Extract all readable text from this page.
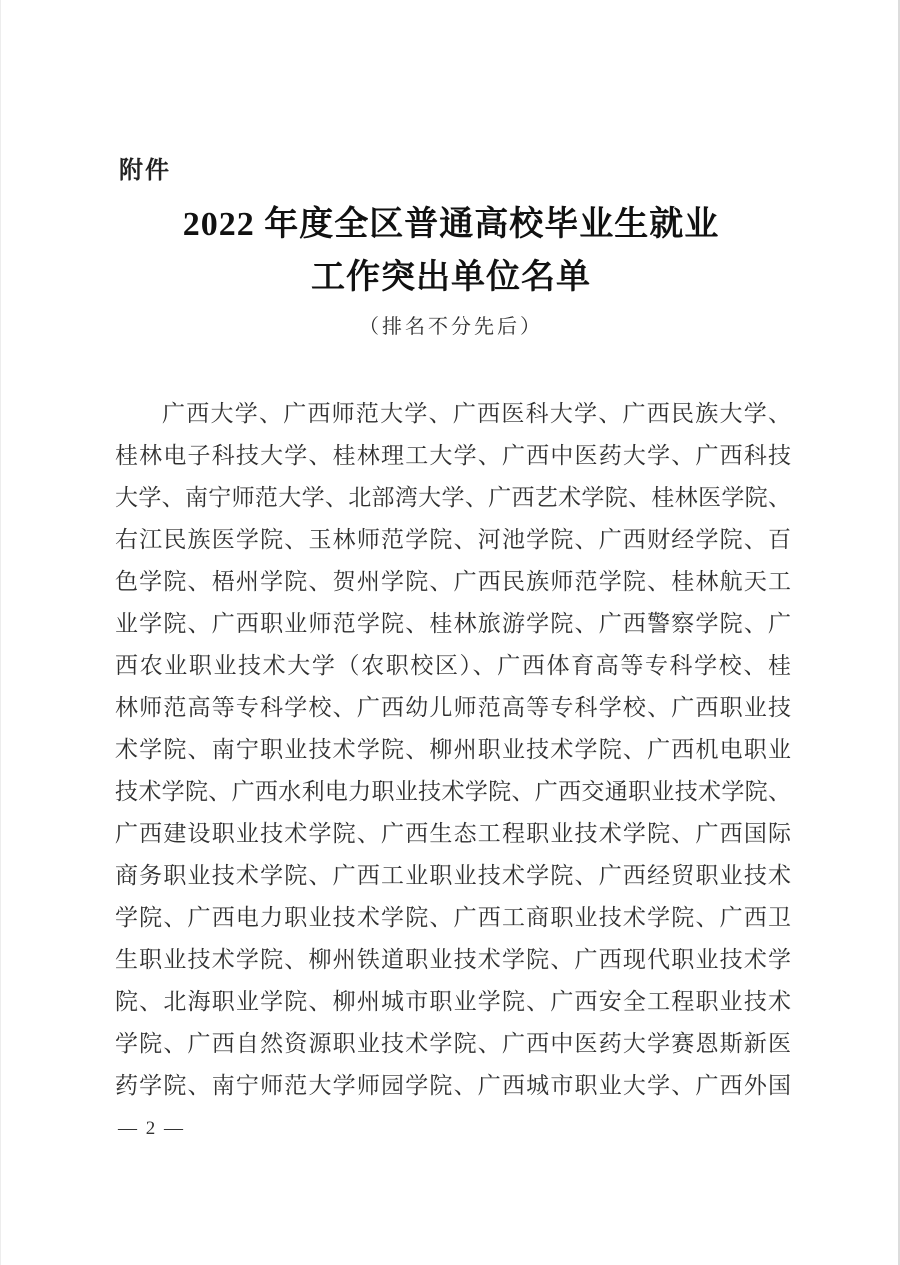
附件
2022 年度全区普通高校毕业生就业
工作突出单位名单
（排名不分先后）
广西大学、广西师范大学、广西医科大学、广西民族大学、
桂林电子科技大学、桂林理工大学、广西中医药大学、广西科技
大学、南宁师范大学、北部湾大学、广西艺术学院、桂林医学院、
右江民族医学院、玉林师范学院、河池学院、广西财经学院、百
色学院、梧州学院、贺州学院、广西民族师范学院、桂林航天工
业学院、广西职业师范学院、桂林旅游学院、广西警察学院、广
西农业职业技术大学（农职校区）、广西体育高等专科学校、桂
林师范高等专科学校、广西幼儿师范高等专科学校、广西职业技
术学院、南宁职业技术学院、柳州职业技术学院、广西机电职业
技术学院、广西水利电力职业技术学院、广西交通职业技术学院、
广西建设职业技术学院、广西生态工程职业技术学院、广西国际
商务职业技术学院、广西工业职业技术学院、广西经贸职业技术
学院、广西电力职业技术学院、广西工商职业技术学院、广西卫
生职业技术学院、柳州铁道职业技术学院、广西现代职业技术学
院、北海职业学院、柳州城市职业学院、广西安全工程职业技术
学院、广西自然资源职业技术学院、广西中医药大学赛恩斯新医
药学院、南宁师范大学师园学院、广西城市职业大学、广西外国
— 2 —
